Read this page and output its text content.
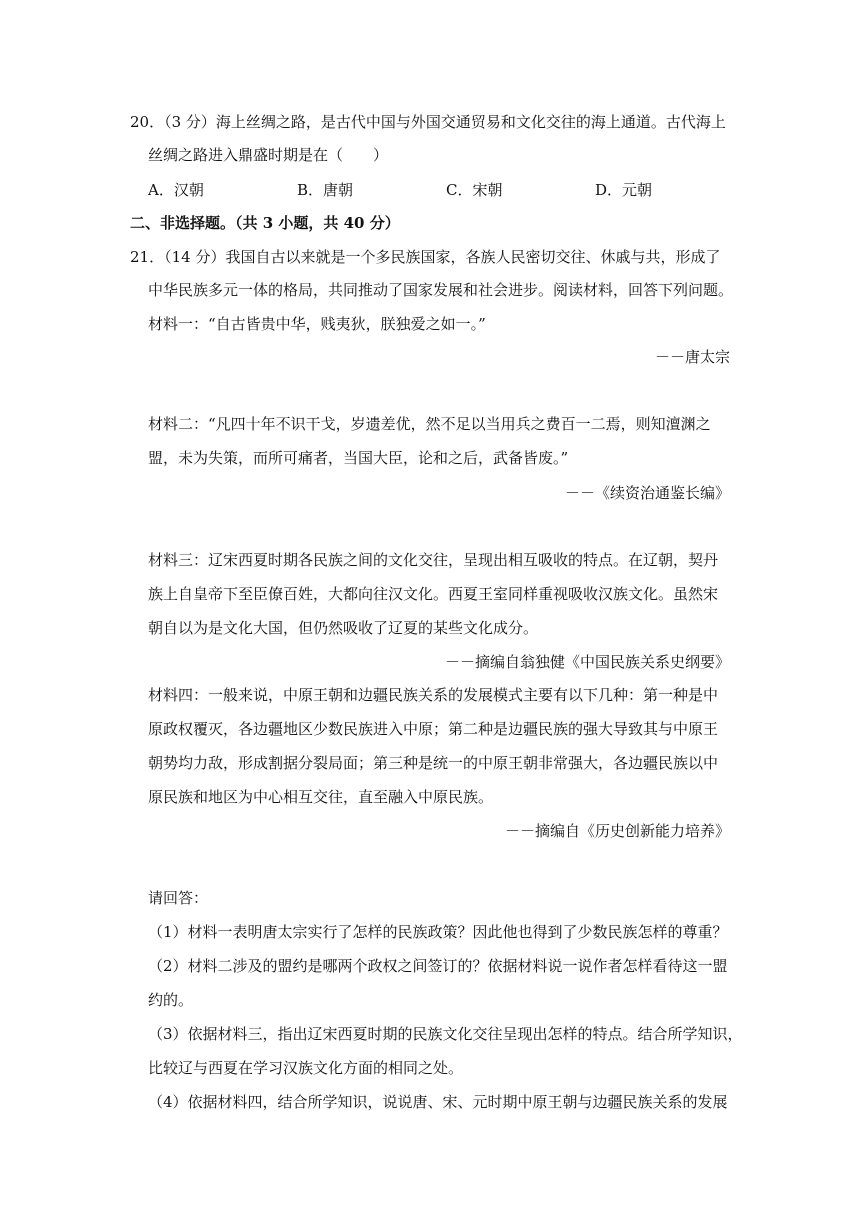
20．（3 分）海上丝绸之路，是古代中国与外国交通贸易和文化交往的海上通道。古代海上
丝绸之路进入鼎盛时期是在（　　）
A．汉朝	B．唐朝	C．宋朝	D．元朝
二、非选择题。（共 3 小题，共 40 分）
21．（14 分）我国自古以来就是一个多民族国家，各族人民密切交往、休戚与共，形成了
中华民族多元一体的格局，共同推动了国家发展和社会进步。阅读材料，回答下列问题。
材料一：“自古皆贵中华，贱夷狄，朕独爱之如一。”
－－唐太宗
材料二：“凡四十年不识干戈，岁遗差优，然不足以当用兵之费百一二焉，则知澶渊之
盟，未为失策，而所可痛者，当国大臣，论和之后，武备皆废。”
－－《续资治通鉴长编》
材料三：辽宋西夏时期各民族之间的文化交往，呈现出相互吸收的特点。在辽朝，契丹
族上自皇帝下至臣僚百姓，大都向往汉文化。西夏王室同样重视吸收汉族文化。虽然宋
朝自以为是文化大国，但仍然吸收了辽夏的某些文化成分。
－－摘编自翁独健《中国民族关系史纲要》
材料四：一般来说，中原王朝和边疆民族关系的发展模式主要有以下几种：第一种是中
原政权覆灭，各边疆地区少数民族进入中原；第二种是边疆民族的强大导致其与中原王
朝势均力敌，形成割据分裂局面；第三种是统一的中原王朝非常强大，各边疆民族以中
原民族和地区为中心相互交往，直至融入中原民族。
－－摘编自《历史创新能力培养》
请回答：
（1）材料一表明唐太宗实行了怎样的民族政策？因此他也得到了少数民族怎样的尊重？
（2）材料二涉及的盟约是哪两个政权之间签订的？依据材料说一说作者怎样看待这一盟
约的。
（3）依据材料三，指出辽宋西夏时期的民族文化交往呈现出怎样的特点。结合所学知识，
比较辽与西夏在学习汉族文化方面的相同之处。
（4）依据材料四，结合所学知识，说说唐、宋、元时期中原王朝与边疆民族关系的发展
